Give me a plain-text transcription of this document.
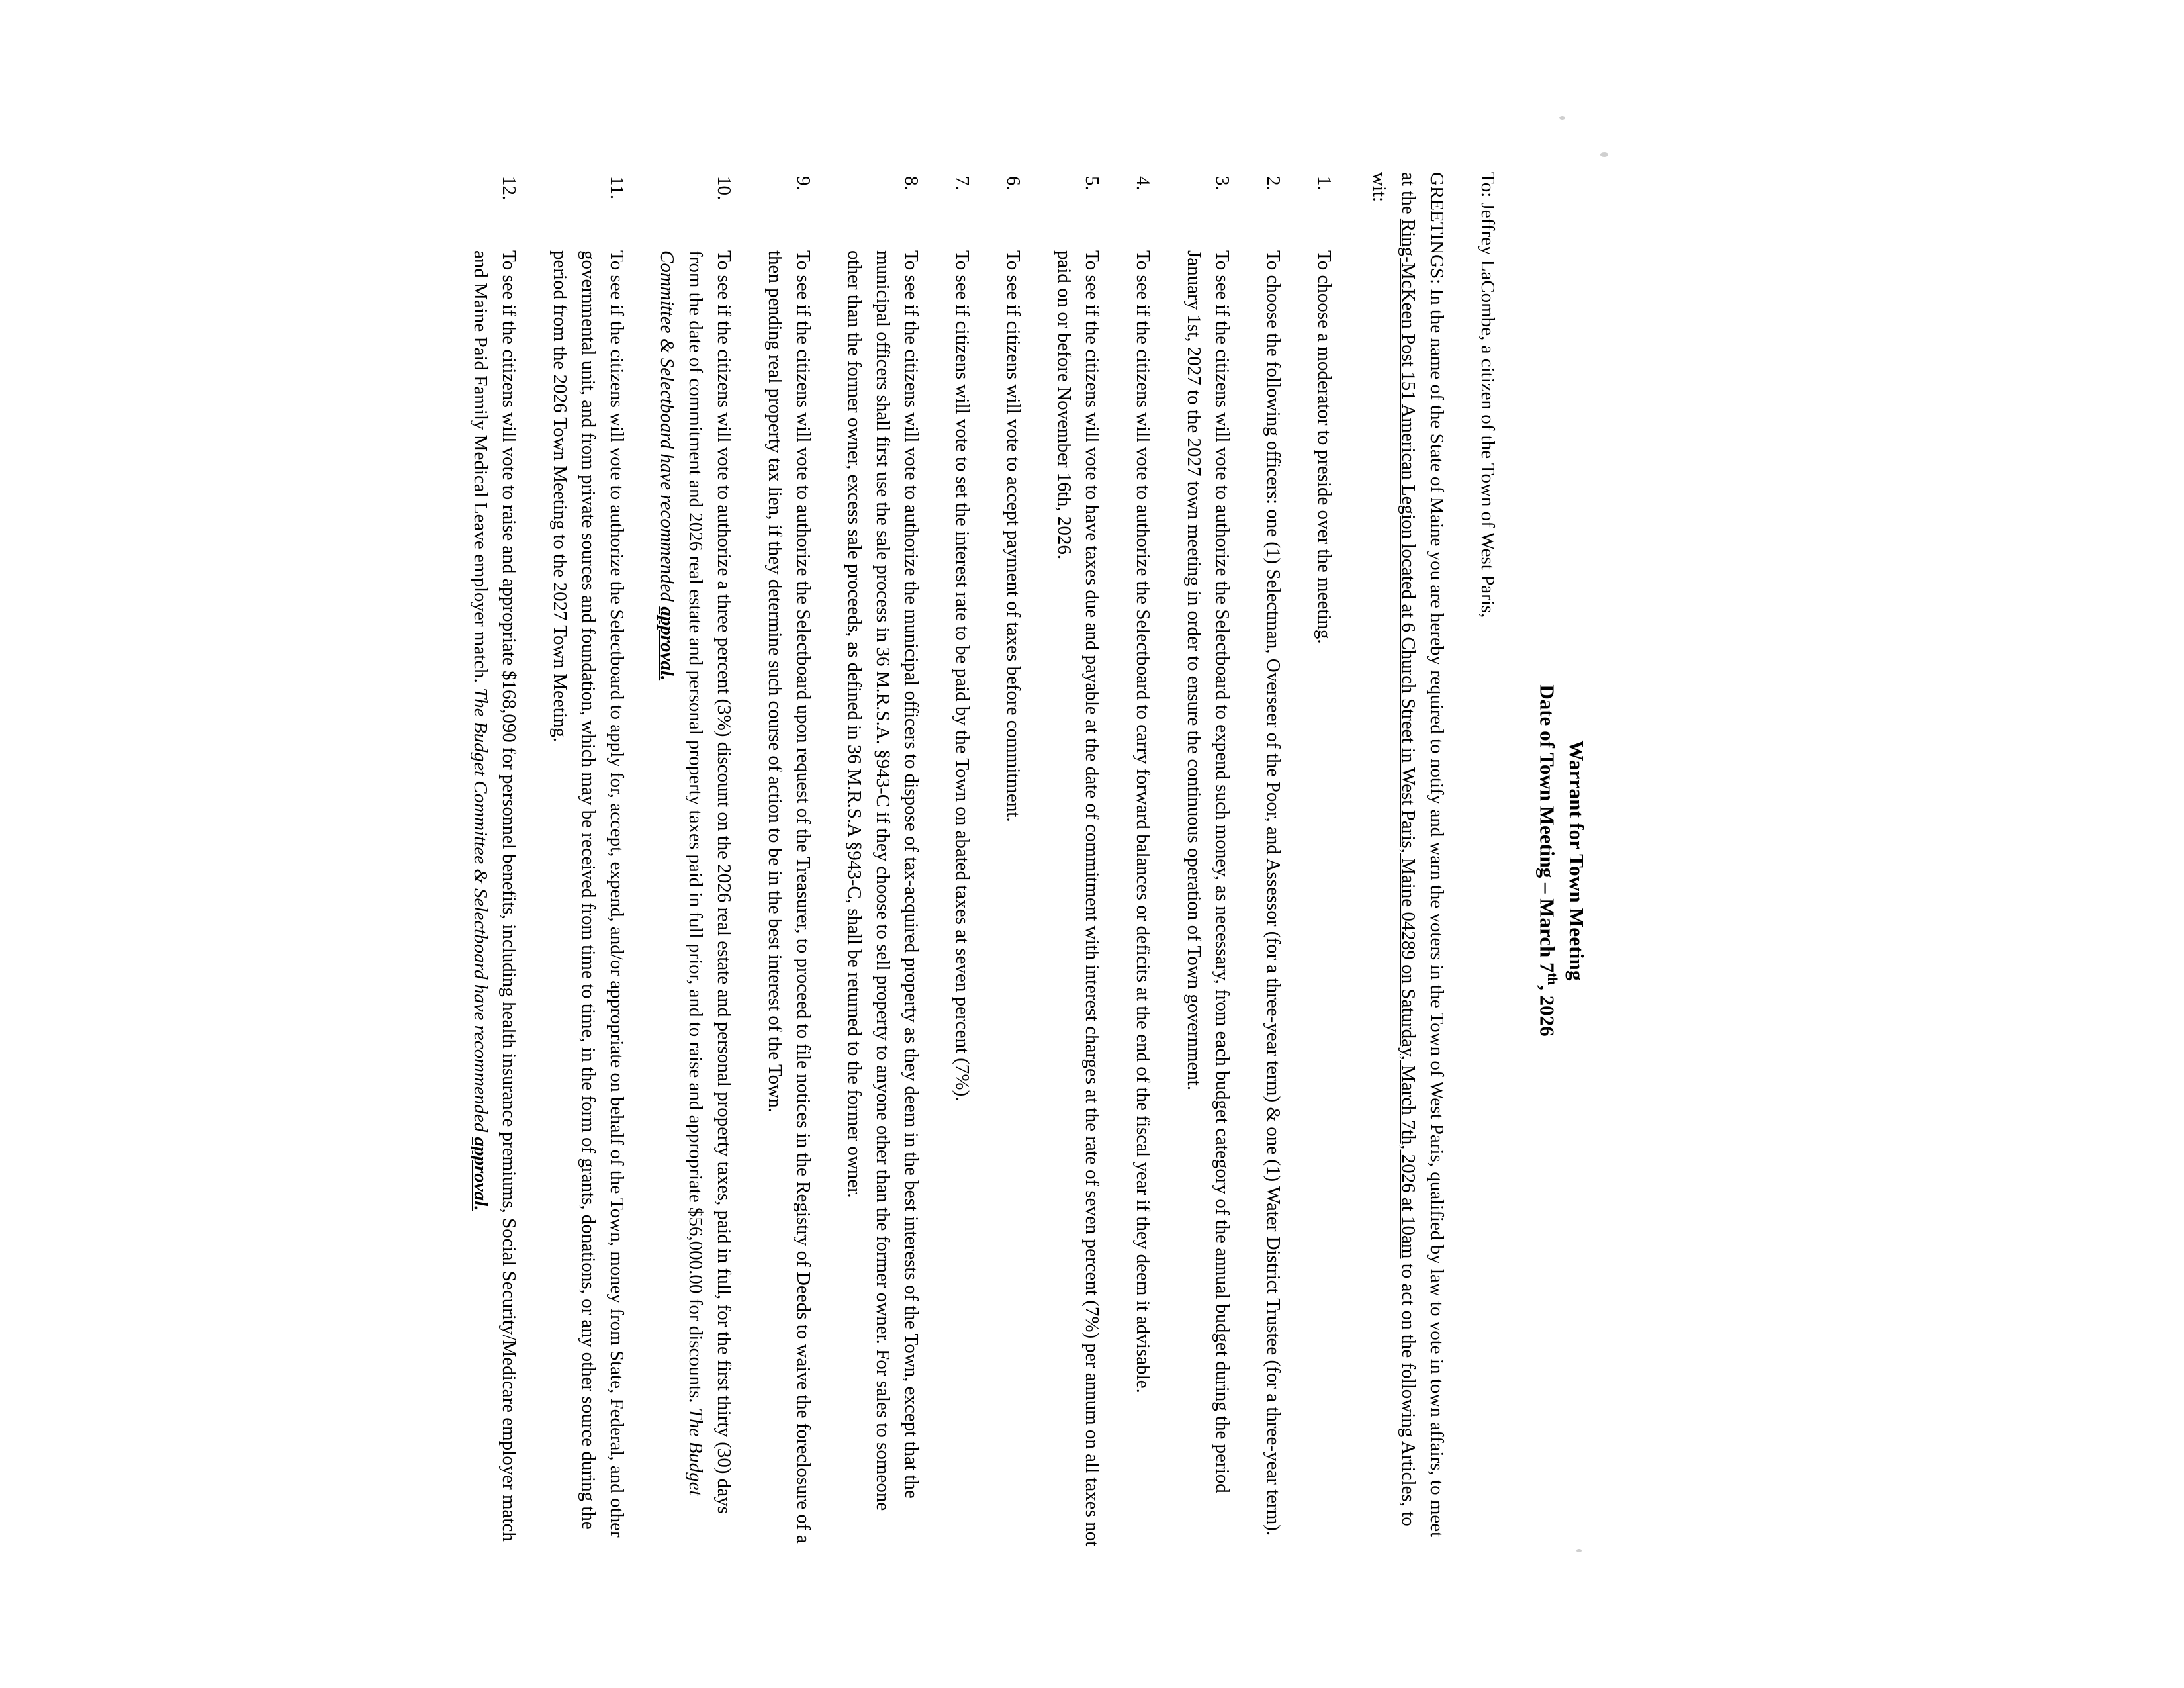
Warrant for Town Meeting
Date of Town Meeting – March 7th, 2026

To: Jeffrey LaCombe, a citizen of the Town of West Paris,

GREETINGS: In the name of the State of Maine you are hereby required to notify and warn the voters in the Town of West Paris, qualified by law to vote in town affairs, to meet at the Ring-McKeen Post 151 American Legion located at 6 Church Street in West Paris, Maine 04289 on Saturday, March 7th, 2026 at 10am to act on the following Articles, to wit:

1.
To choose a moderator to preside over the meeting.
2.
To choose the following officers: one (1) Selectman, Overseer of the Poor, and Assessor (for a three-year term) & one (1) Water District Trustee (for a three-year term).
3.
To see if the citizens will vote to authorize the Selectboard to expend such money, as necessary, from each budget category of the annual budget during the period January 1st, 2027 to the 2027 town meeting in order to ensure the continuous operation of Town government.
4.
To see if the citizens will vote to authorize the Selectboard to carry forward balances or deficits at the end of the fiscal year if they deem it advisable.
5.
To see if the citizens will vote to have taxes due and payable at the date of commitment with interest charges at the rate of seven percent (7%) per annum on all taxes not paid on or before November 16th, 2026.
6.
To see if citizens will vote to accept payment of taxes before commitment.
7.
To see if citizens will vote to set the interest rate to be paid by the Town on abated taxes at seven percent (7%).
8.
To see if the citizens will vote to authorize the municipal officers to dispose of tax-acquired property as they deem in the best interests of the Town, except that the municipal officers shall first use the sale process in 36 M.R.S.A. §943-C if they choose to sell property to anyone other than the former owner. For sales to someone other than the former owner, excess sale proceeds, as defined in 36 M.R.S.A §943-C, shall be returned to the former owner.
9.
To see if the citizens will vote to authorize the Selectboard upon request of the Treasurer, to proceed to file notices in the Registry of Deeds to waive the foreclosure of a then pending real property tax lien, if they determine such course of action to be in the best interest of the Town.
10.
To see if the citizens will vote to authorize a three percent (3%) discount on the 2026 real estate and personal property taxes, paid in full, for the first thirty (30) days from the date of commitment and 2026 real estate and personal property taxes paid in full prior, and to raise and appropriate $56,000.00 for discounts. The Budget Committee & Selectboard have recommended approval.
11.
To see if the citizens will vote to authorize the Selectboard to apply for, accept, expend, and/or appropriate on behalf of the Town, money from State, Federal, and other governmental unit, and from private sources and foundation, which may be received from time to time, in the form of grants, donations, or any other source during the period from the 2026 Town Meeting to the 2027 Town Meeting.
12.
To see if the citizens will vote to raise and appropriate $168,090 for personnel benefits, including health insurance premiums, Social Security/Medicare employer match and Maine Paid Family Medical Leave employer match. The Budget Committee & Selectboard have recommended approval.
